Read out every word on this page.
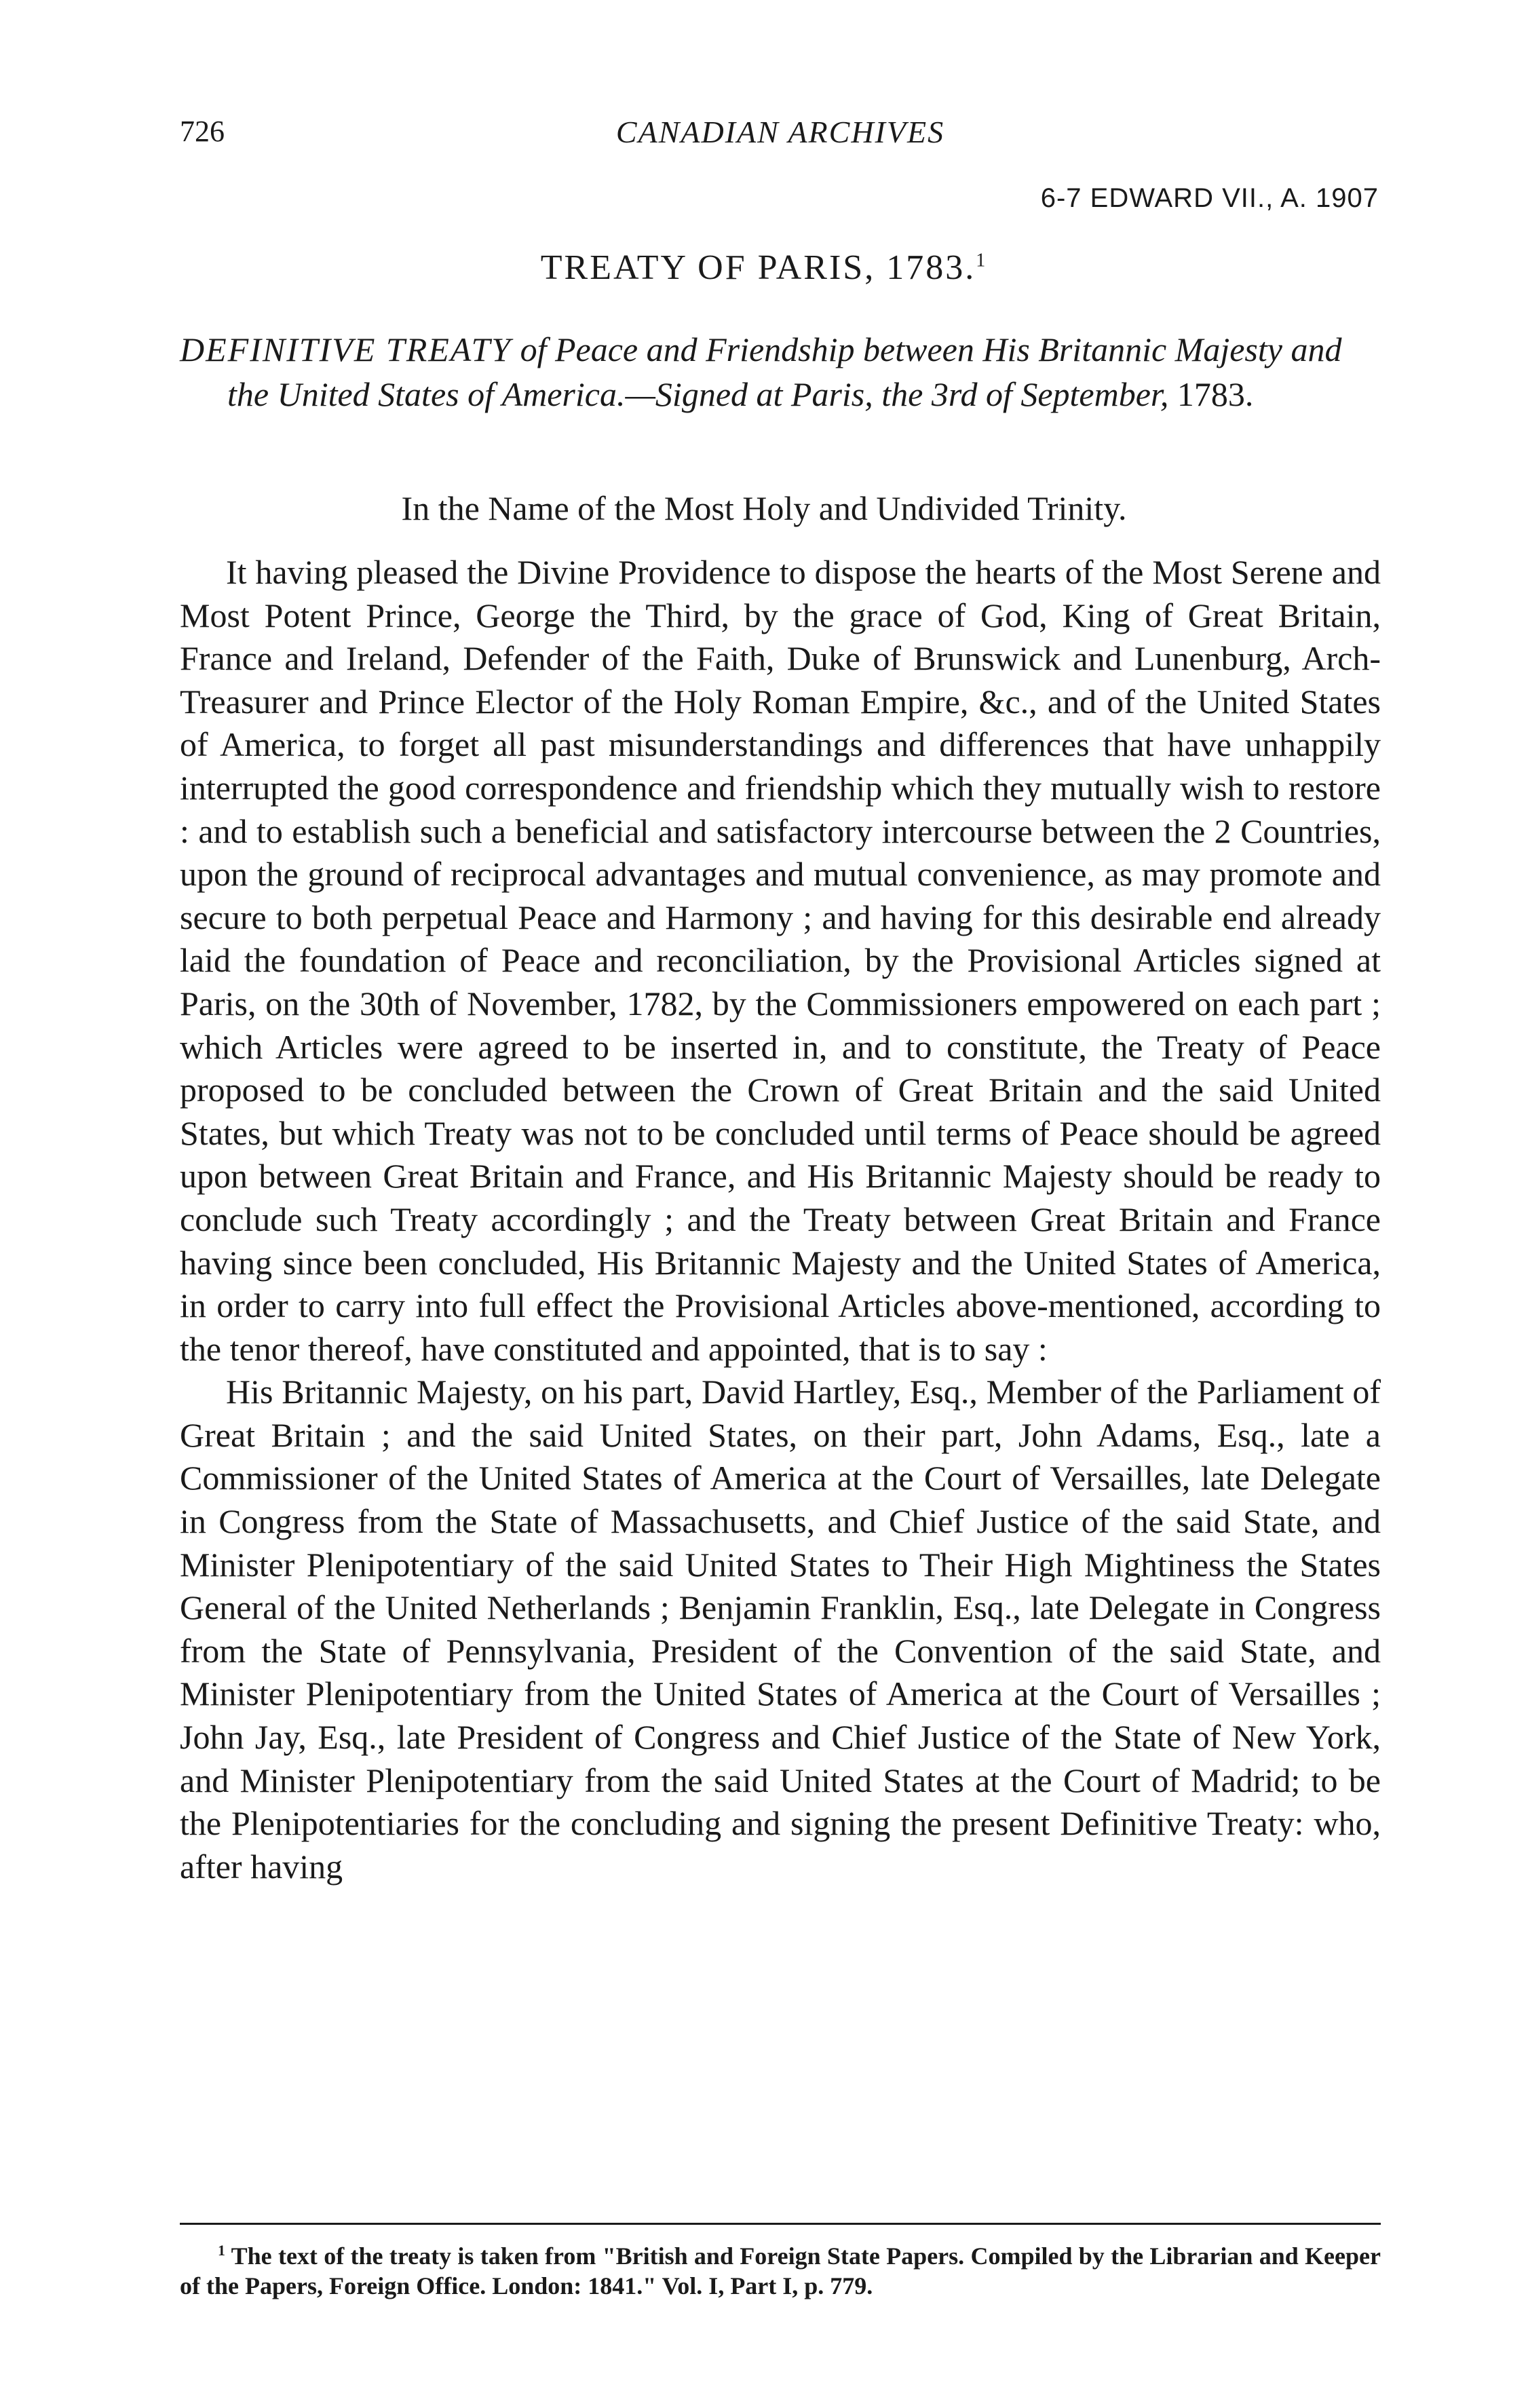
726	CANADIAN ARCHIVES
6-7 EDWARD VII., A. 1907
TREATY OF PARIS, 1783.$^1$
DEFINITIVE TREATY of Peace and Friendship between His Britannic Majesty and the United States of America.—Signed at Paris, the 3rd of September, 1783.
In the Name of the Most Holy and Undivided Trinity.

It having pleased the Divine Providence to dispose the hearts of the Most Serene and Most Potent Prince, George the Third, by the grace of God, King of Great Britain, France and Ireland, Defender of the Faith, Duke of Brunswick and Lunenburg, Arch-Treasurer and Prince Elector of the Holy Roman Empire, &c., and of the United States of America, to forget all past misunderstandings and differences that have unhappily interrupted the good correspondence and friendship which they mutually wish to restore : and to establish such a beneficial and satisfactory intercourse between the 2 Countries, upon the ground of reciprocal advantages and mutual convenience, as may promote and secure to both perpetual Peace and Harmony ; and having for this desirable end already laid the foundation of Peace and reconciliation, by the Provisional Articles signed at Paris, on the 30th of November, 1782, by the Commissioners empowered on each part ; which Articles were agreed to be inserted in, and to constitute, the Treaty of Peace proposed to be concluded between the Crown of Great Britain and the said United States, but which Treaty was not to be concluded until terms of Peace should be agreed upon between Great Britain and France, and His Britannic Majesty should be ready to conclude such Treaty accordingly ; and the Treaty between Great Britain and France having since been concluded, His Britannic Majesty and the United States of America, in order to carry into full effect the Provisional Articles above-mentioned, according to the tenor thereof, have constituted and appointed, that is to say :

His Britannic Majesty, on his part, David Hartley, Esq., Member of the Parliament of Great Britain ; and the said United States, on their part, John Adams, Esq., late a Commissioner of the United States of America at the Court of Versailles, late Delegate in Congress from the State of Massachusetts, and Chief Justice of the said State, and Minister Plenipotentiary of the said United States to Their High Mightiness the States General of the United Netherlands ; Benjamin Franklin, Esq., late Delegate in Congress from the State of Pennsylvania, President of the Convention of the said State, and Minister Plenipotentiary from the United States of America at the Court of Versailles ; John Jay, Esq., late President of Congress and Chief Justice of the State of New York, and Minister Plenipotentiary from the said United States at the Court of Madrid; to be the Plenipotentiaries for the concluding and signing the present Definitive Treaty: who, after having

$^1$ The text of the treaty is taken from "British and Foreign State Papers. Compiled by the Librarian and Keeper of the Papers, Foreign Office. London: 1841." Vol. I, Part I, p. 779.
